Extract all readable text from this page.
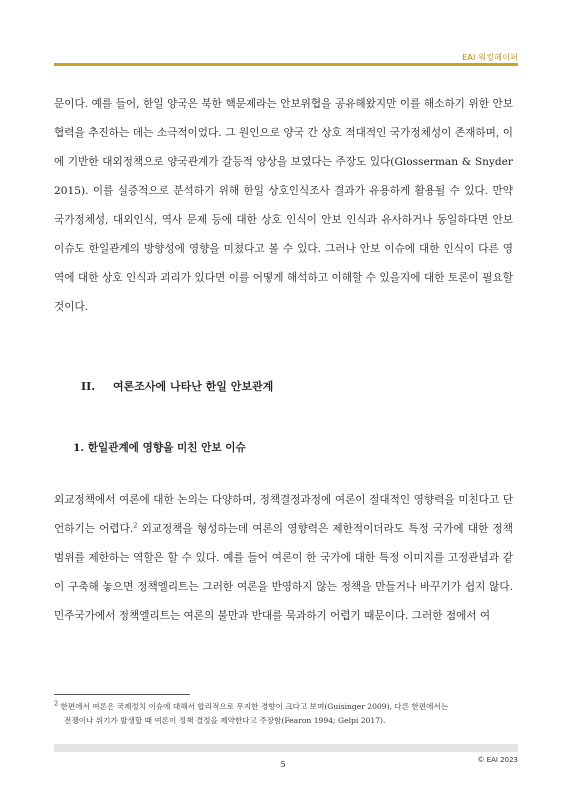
EAI 워킹페이퍼

문이다. 예를 들어, 한일 양국은 북한 핵문제라는 안보위협을 공유해왔지만 이를 해소하기 위한 안보협력을 추진하는 데는 소극적이었다. 그 원인으로 양국 간 상호 적대적인 국가정체성이 존재하며, 이에 기반한 대외정책으로 양국관계가 갈등적 양상을 보였다는 주장도 있다(Glosserman & Snyder 2015). 이를 실증적으로 분석하기 위해 한일 상호인식조사 결과가 유용하게 활용될 수 있다. 만약 국가정체성, 대외인식, 역사 문제 등에 대한 상호 인식이 안보 인식과 유사하거나 동일하다면 안보 이슈도 한일관계의 방향성에 영향을 미쳤다고 볼 수 있다. 그러나 안보 이슈에 대한 인식이 다른 영역에 대한 상호 인식과 괴리가 있다면 이를 어떻게 해석하고 이해할 수 있을지에 대한 토론이 필요할 것이다.

II. 여론조사에 나타난 한일 안보관계
1. 한일관계에 영향을 미친 안보 이슈

외교정책에서 여론에 대한 논의는 다양하며, 정책결정과정에 여론이 절대적인 영향력을 미친다고 단언하기는 어렵다.$^2$ 외교정책을 형성하는데 여론의 영향력은 제한적이더라도 특정 국가에 대한 정책 범위를 제한하는 역할은 할 수 있다. 예를 들어 여론이 한 국가에 대한 특정 이미지를 고정관념과 같이 구축해 놓으면 정책엘리트는 그러한 여론을 반영하지 않는 정책을 만들거나 바꾸기가 쉽지 않다. 민주국가에서 정책엘리트는 여론의 불만과 반대를 묵과하기 어렵기 때문이다. 그러한 점에서 여

$^2$ 한편에서 여론은 국제정치 이슈에 대해서 합리적으로 무지한 경향이 크다고 보며(Guisinger 2009), 다른 한편에서는
전쟁이나 위기가 발생할 때 여론이 정책 결정을 제약한다고 주장함(Fearon 1994; Gelpi 2017).

5	© EAI 2023
